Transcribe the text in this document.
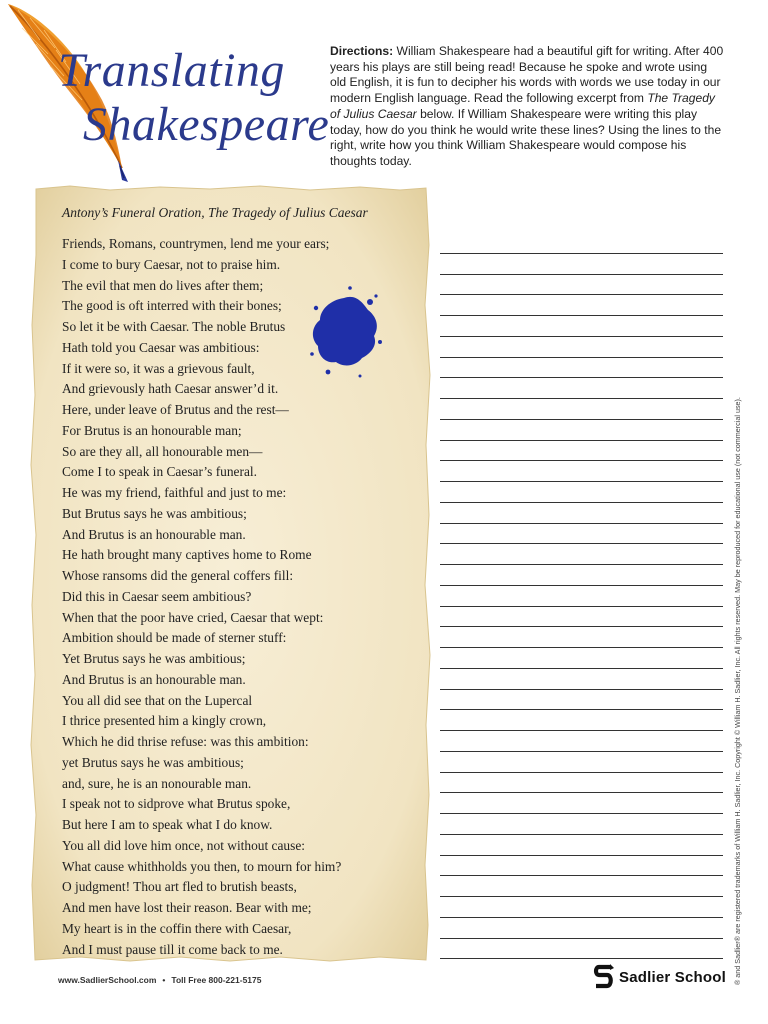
Translating
Shakespeare
Directions: William Shakespeare had a beautiful gift for writing. After 400 years his plays are still being read! Because he spoke and wrote using old English, it is fun to decipher his words with words we use today in our modern English language. Read the following excerpt from The Tragedy of Julius Caesar below. If William Shakespeare were writing this play today, how do you think he would write these lines? Using the lines to the right, write how you think William Shakespeare would compose his thoughts today.
Antony’s Funeral Oration, The Tragedy of Julius Caesar
Friends, Romans, countrymen, lend me your ears;
I come to bury Caesar, not to praise him.
The evil that men do lives after them;
The good is oft interred with their bones;
So let it be with Caesar. The noble Brutus
Hath told you Caesar was ambitious:
If it were so, it was a grievous fault,
And grievously hath Caesar answer’d it.
Here, under leave of Brutus and the rest—
For Brutus is an honourable man;
So are they all, all honourable men—
Come I to speak in Caesar’s funeral.
He was my friend, faithful and just to me:
But Brutus says he was ambitious;
And Brutus is an honourable man.
He hath brought many captives home to Rome
Whose ransoms did the general coffers fill:
Did this in Caesar seem ambitious?
When that the poor have cried, Caesar that wept:
Ambition should be made of sterner stuff:
Yet Brutus says he was ambitious;
And Brutus is an honourable man.
You all did see that on the Lupercal
I thrice presented him a kingly crown,
Which he did thrise refuse: was this ambition:
yet Brutus says he was ambitious;
and, sure, he is an nonourable man.
I speak not to sidprove what Brutus spoke,
But here I am to speak what I do know.
You all did love him once, not without cause:
What cause whithholds you then, to mourn for him?
O judgment! Thou art fled to brutish beasts,
And men have lost their reason. Bear with me;
My heart is in the coffin there with Caesar,
And I must pause till it come back to me.
www.SadlierSchool.com • Toll Free 800-221-5175	Sadlier School ® and Sadlier® are registered trademarks of William H. Sadlier, Inc. Copyright © William H. Sadlier, Inc. All rights reserved. May be reproduced for educational use (not commercial use).
